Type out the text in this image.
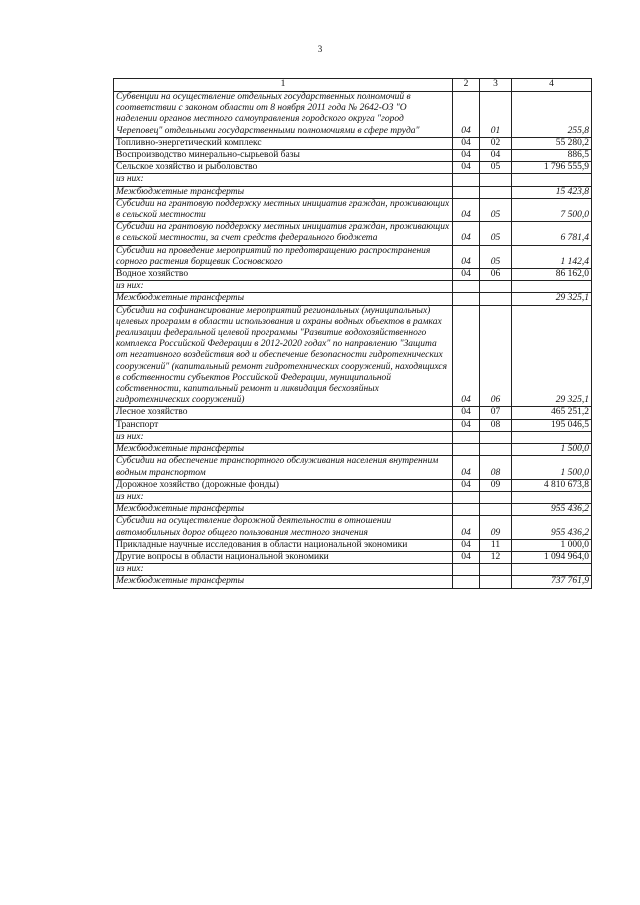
3
1	2	3	4
Субвенции на осуществление отдельных государственных полномочий в соответствии с законом области от 8 ноября 2011 года № 2642-ОЗ "О наделении органов местного самоуправления городского округа "город Череповец" отдельными государственными полномочиями в сфере труда"	04	01	255,8
Топливно-энергетический комплекс	04	02	55 280,2
Воспроизводство минерально-сырьевой базы	04	04	886,5
Сельское хозяйство и рыболовство	04	05	1 796 555,9
из них:			
Межбюджетные трансферты			15 423,8
Субсидии на грантовую поддержку местных инициатив граждан, проживающих в сельской местности	04	05	7 500,0
Субсидии на грантовую поддержку местных инициатив граждан, проживающих в сельской местности, за счет средств федерального бюджета	04	05	6 781,4
Субсидии на проведение мероприятий по предотвращению распространения сорного растения борщевик Сосновского	04	05	1 142,4
Водное хозяйство	04	06	86 162,0
из них:			
Межбюджетные трансферты			29 325,1
Субсидии на софинансирование мероприятий региональных (муниципальных) целевых программ в области использования и охраны водных объектов в рамках реализации федеральной целевой программы "Развитие водохозяйственного комплекса Российской Федерации в 2012-2020 годах" по направлению "Защита от негативного воздействия вод и обеспечение безопасности гидротехнических сооружений" (капитальный ремонт гидротехнических сооружений, находящихся в собственности субъектов Российской Федерации, муниципальной собственности, капитальный ремонт и ликвидация бесхозяйных гидротехнических сооружений)	04	06	29 325,1
Лесное хозяйство	04	07	465 251,2
Транспорт	04	08	195 046,5
из них:			
Межбюджетные трансферты			1 500,0
Субсидии на обеспечение транспортного обслуживания населения внутренним водным транспортом	04	08	1 500,0
Дорожное хозяйство (дорожные фонды)	04	09	4 810 673,8
из них:			
Межбюджетные трансферты			955 436,2
Субсидии на осуществление дорожной деятельности в отношении автомобильных дорог общего пользования местного значения	04	09	955 436,2
Прикладные научные исследования в области национальной экономики	04	11	1 000,0
Другие вопросы в области национальной экономики	04	12	1 094 964,0
из них:			
Межбюджетные трансферты			737 761,9
